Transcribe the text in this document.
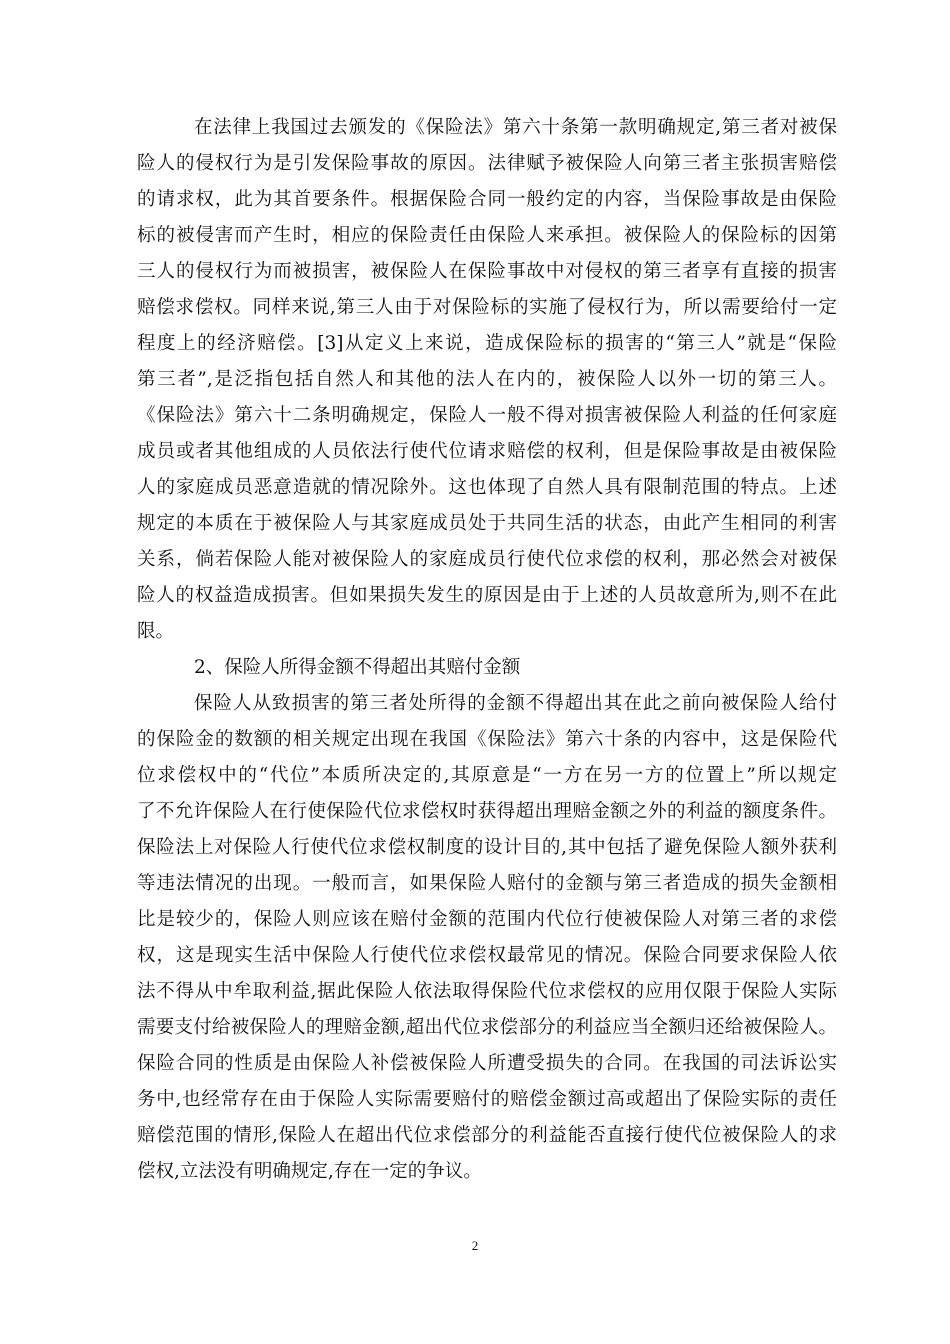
在法律上我国过去颁发的《保险法》第六十条第一款明确规定,第三者对被保
险人的侵权行为是引发保险事故的原因。法律赋予被保险人向第三者主张损害赔偿
的请求权，此为其首要条件。根据保险合同一般约定的内容，当保险事故是由保险
标的被侵害而产生时，相应的保险责任由保险人来承担。被保险人的保险标的因第
三人的侵权行为而被损害，被保险人在保险事故中对侵权的第三者享有直接的损害
赔偿求偿权。同样来说,第三人由于对保险标的实施了侵权行为，所以需要给付一定
程度上的经济赔偿。[3]从定义上来说，造成保险标的损害的“第三人”就是“保险
第三者”,是泛指包括自然人和其他的法人在内的，被保险人以外一切的第三人。
《保险法》第六十二条明确规定，保险人一般不得对损害被保险人利益的任何家庭
成员或者其他组成的人员依法行使代位请求赔偿的权利，但是保险事故是由被保险
人的家庭成员恶意造就的情况除外。这也体现了自然人具有限制范围的特点。上述
规定的本质在于被保险人与其家庭成员处于共同生活的状态，由此产生相同的利害
关系，倘若保险人能对被保险人的家庭成员行使代位求偿的权利，那必然会对被保
险人的权益造成损害。但如果损失发生的原因是由于上述的人员故意所为,则不在此
限。
2、保险人所得金额不得超出其赔付金额
保险人从致损害的第三者处所得的金额不得超出其在此之前向被保险人给付
的保险金的数额的相关规定出现在我国《保险法》第六十条的内容中，这是保险代
位求偿权中的“代位”本质所决定的,其原意是“一方在另一方的位置上”所以规定
了不允许保险人在行使保险代位求偿权时获得超出理赔金额之外的利益的额度条件。
保险法上对保险人行使代位求偿权制度的设计目的,其中包括了避免保险人额外获利
等违法情况的出现。一般而言，如果保险人赔付的金额与第三者造成的损失金额相
比是较少的，保险人则应该在赔付金额的范围内代位行使被保险人对第三者的求偿
权，这是现实生活中保险人行使代位求偿权最常见的情况。保险合同要求保险人依
法不得从中牟取利益,据此保险人依法取得保险代位求偿权的应用仅限于保险人实际
需要支付给被保险人的理赔金额,超出代位求偿部分的利益应当全额归还给被保险人。
保险合同的性质是由保险人补偿被保险人所遭受损失的合同。在我国的司法诉讼实
务中,也经常存在由于保险人实际需要赔付的赔偿金额过高或超出了保险实际的责任
赔偿范围的情形,保险人在超出代位求偿部分的利益能否直接行使代位被保险人的求
偿权,立法没有明确规定,存在一定的争议。
2
